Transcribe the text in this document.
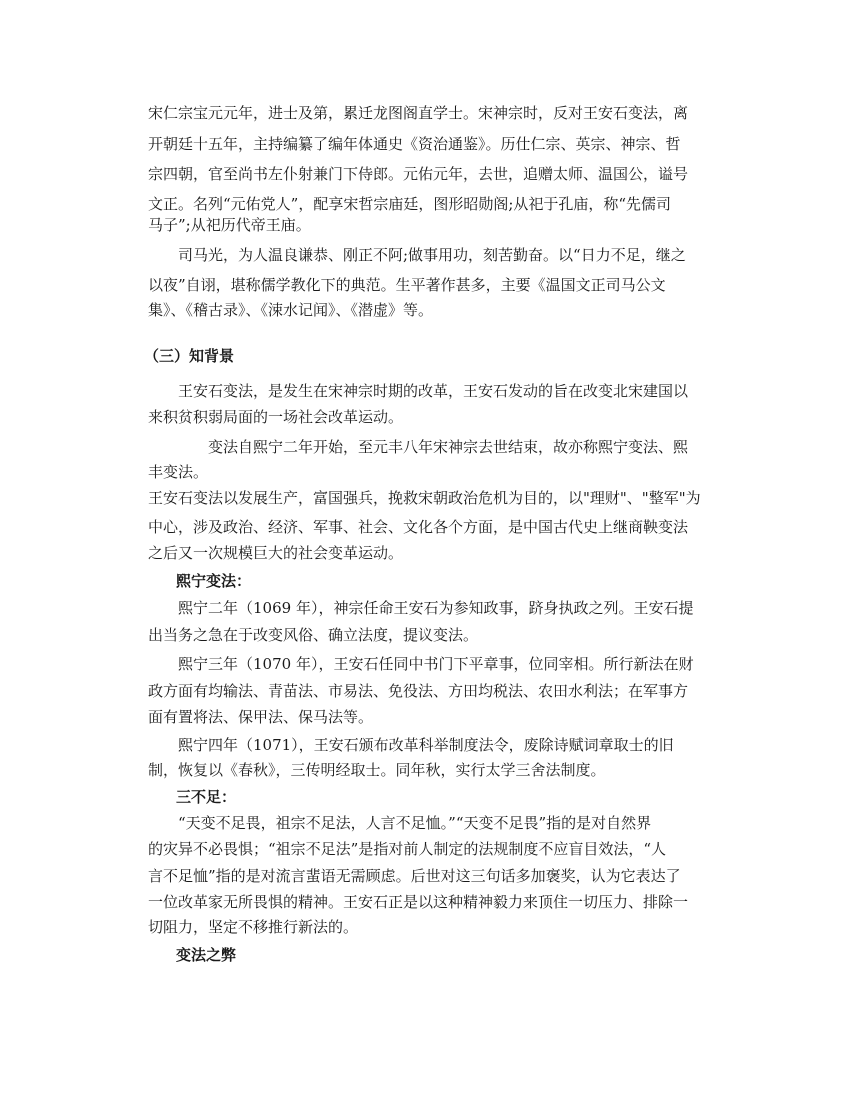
宋仁宗宝元元年，进士及第，累迁龙图阁直学士。宋神宗时，反对王安石变法，离
开朝廷十五年，主持编纂了编年体通史《资治通鉴》。历仕仁宗、英宗、神宗、哲
宗四朝，官至尚书左仆射兼门下侍郎。元佑元年，去世，追赠太师、温国公，谥号
文正。名列“元佑党人”，配享宋哲宗庙廷，图形昭勋阁;从祀于孔庙，称“先儒司
马子”;从祀历代帝王庙。
司马光，为人温良谦恭、刚正不阿;做事用功，刻苦勤奋。以“日力不足，继之
以夜”自诩，堪称儒学教化下的典范。生平著作甚多，主要《温国文正司马公文
集》、《稽古录》、《涑水记闻》、《潜虚》等。
（三）知背景
王安石变法，是发生在宋神宗时期的改革，王安石发动的旨在改变北宋建国以
来积贫积弱局面的一场社会改革运动。
变法自熙宁二年开始，至元丰八年宋神宗去世结束，故亦称熙宁变法、熙
丰变法。
王安石变法以发展生产，富国强兵，挽救宋朝政治危机为目的，以"理财"、"整军"为
中心，涉及政治、经济、军事、社会、文化各个方面，是中国古代史上继商鞅变法
之后又一次规模巨大的社会变革运动。
熙宁变法：
熙宁二年（1069 年），神宗任命王安石为参知政事，跻身执政之列。王安石提
出当务之急在于改变风俗、确立法度，提议变法。
熙宁三年（1070 年），王安石任同中书门下平章事，位同宰相。所行新法在财
政方面有均输法、青苗法、市易法、免役法、方田均税法、农田水利法；在军事方
面有置将法、保甲法、保马法等。
熙宁四年（1071），王安石颁布改革科举制度法令，废除诗赋词章取士的旧
制，恢复以《春秋》，三传明经取士。同年秋，实行太学三舍法制度。
三不足：
“天变不足畏，祖宗不足法，人言不足恤。”“天变不足畏”指的是对自然界
的灾异不必畏惧；“祖宗不足法”是指对前人制定的法规制度不应盲目效法，“人
言不足恤”指的是对流言蜚语无需顾虑。后世对这三句话多加褒奖，认为它表达了
一位改革家无所畏惧的精神。王安石正是以这种精神毅力来顶住一切压力、排除一
切阻力，坚定不移推行新法的。
变法之弊
